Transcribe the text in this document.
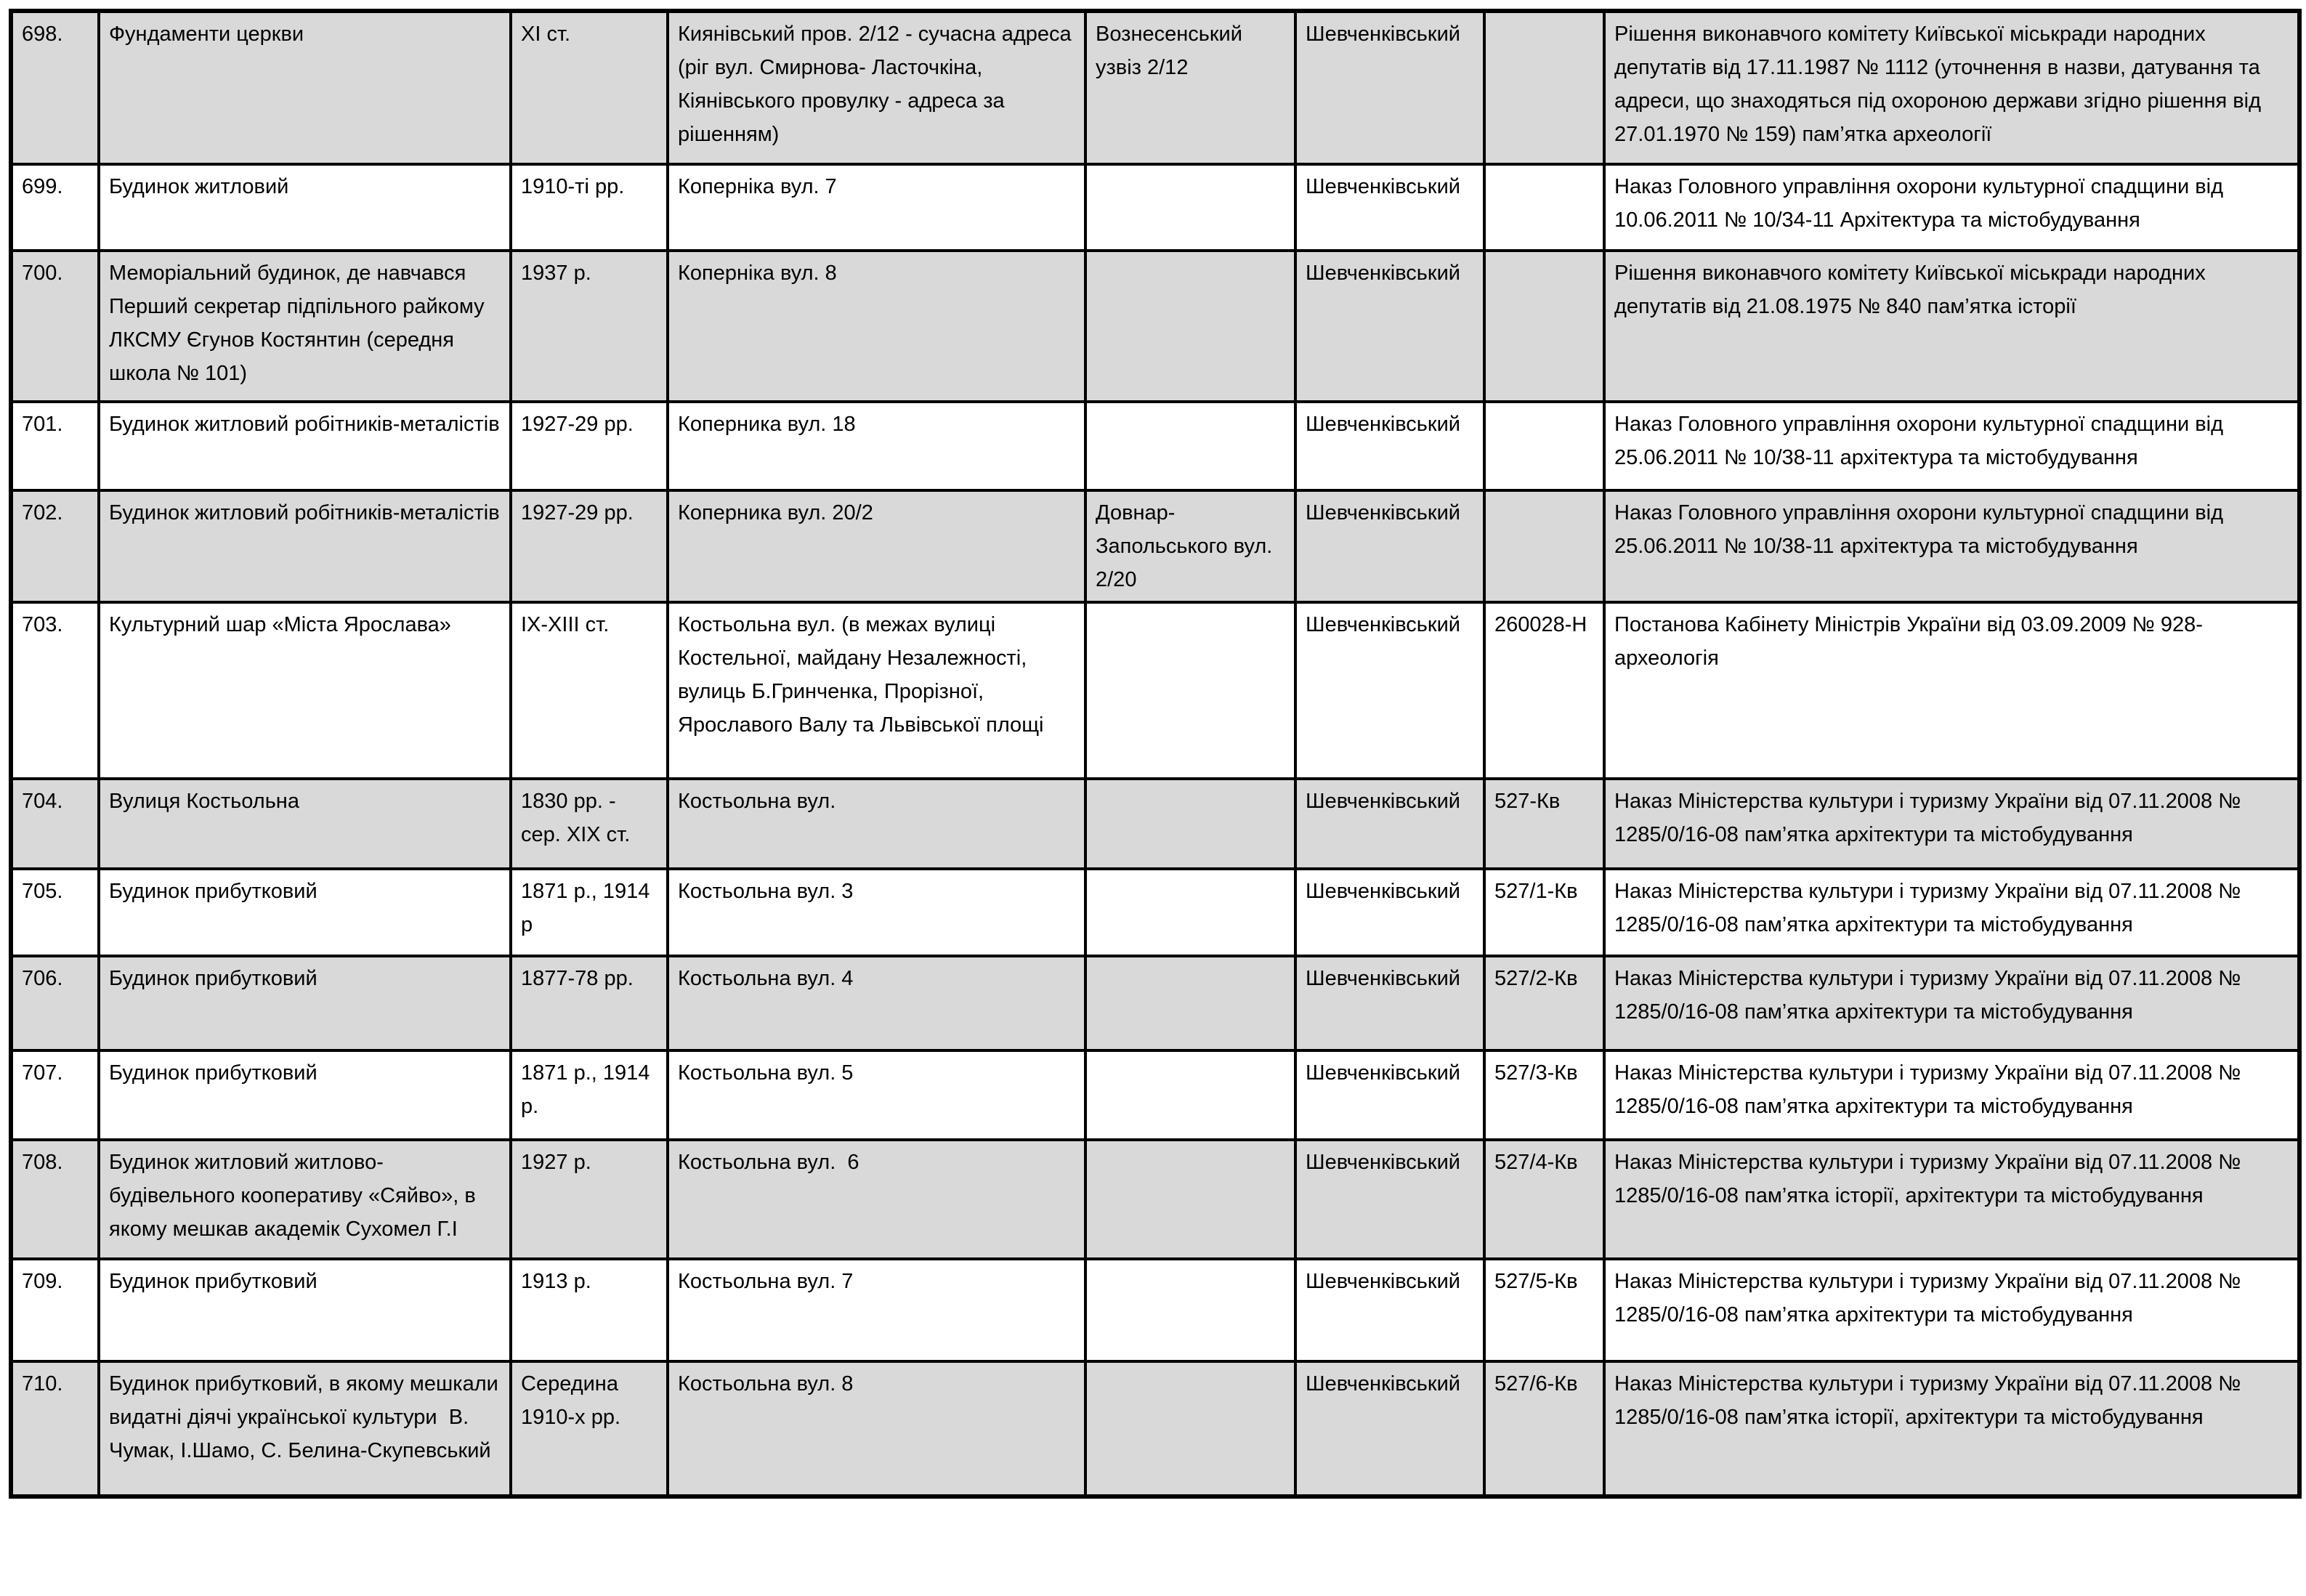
698.	Фундаменти церкви	XI ст.	Киянівський пров. 2/12 - сучасна адреса (ріг вул. Смирнова- Ласточкіна, Кіянівського провулку - адреса за рішенням)	Вознесенський узвіз 2/12	Шевченківський		Рішення виконавчого комітету Київської міськради народних депутатів від 17.11.1987 № 1112 (уточнення в назви, датування та адреси, що знаходяться під охороною держави згідно рішення від 27.01.1970 № 159) пам’ятка археології
699.	Будинок житловий	1910-ті рр.	Коперніка вул. 7		Шевченківський		Наказ Головного управління охорони культурної спадщини від 10.06.2011 № 10/34-11 Архітектура та містобудування
700.	Меморіальний будинок, де навчався Перший секретар підпільного райкому ЛКСМУ Єгунов Костянтин (середня школа № 101)	1937 р.	Коперніка вул. 8		Шевченківський		Рішення виконавчого комітету Київської міськради народних депутатів від 21.08.1975 № 840 пам’ятка історії
701.	Будинок житловий робітників-металістів	1927-29 рр.	Коперника вул. 18		Шевченківський		Наказ Головного управління охорони культурної спадщини від 25.06.2011 № 10/38-11 архітектура та містобудування
702.	Будинок житловий робітників-металістів	1927-29 рр.	Коперника вул. 20/2	Довнар-Запольського вул. 2/20	Шевченківський		Наказ Головного управління охорони культурної спадщини від 25.06.2011 № 10/38-11 архітектура та містобудування
703.	Культурний шар «Міста Ярослава»	IX-XIII ст.	Костьольна вул. (в межах вулиці Костельної, майдану Незалежності, вулиць Б.Гринченка, Прорізної, Ярославого Валу та Львівської площі		Шевченківський	260028-Н	Постанова Кабінету Міністрів України від 03.09.2009 № 928- археологія
704.	Вулиця Костьольна	1830 рр. - сер. XIX ст.	Костьольна вул.		Шевченківський	527-Кв	Наказ Міністерства культури і туризму України від 07.11.2008 № 1285/0/16-08 пам’ятка архітектури та містобудування
705.	Будинок прибутковий	1871 р., 1914 р	Костьольна вул. 3		Шевченківський	527/1-Кв	Наказ Міністерства культури і туризму України від 07.11.2008 № 1285/0/16-08 пам’ятка архітектури та містобудування
706.	Будинок прибутковий	1877-78 рр.	Костьольна вул. 4		Шевченківський	527/2-Кв	Наказ Міністерства культури і туризму України від 07.11.2008 № 1285/0/16-08 пам’ятка архітектури та містобудування
707.	Будинок прибутковий	1871 р., 1914 р.	Костьольна вул. 5		Шевченківський	527/3-Кв	Наказ Міністерства культури і туризму України від 07.11.2008 № 1285/0/16-08 пам’ятка архітектури та містобудування
708.	Будинок житловий житлово-будівельного кооперативу «Сяйво», в якому мешкав академік Сухомел Г.І	1927 р.	Костьольна вул.  6		Шевченківський	527/4-Кв	Наказ Міністерства культури і туризму України від 07.11.2008 № 1285/0/16-08 пам’ятка історії, архітектури та містобудування
709.	Будинок прибутковий	1913 р.	Костьольна вул. 7		Шевченківський	527/5-Кв	Наказ Міністерства культури і туризму України від 07.11.2008 № 1285/0/16-08 пам’ятка архітектури та містобудування
710.	Будинок прибутковий, в якому мешкали видатні діячі української культури  В. Чумак, І.Шамо, С. Белина-Скупевський	Середина 1910-х рр.	Костьольна вул. 8		Шевченківський	527/6-Кв	Наказ Міністерства культури і туризму України від 07.11.2008 № 1285/0/16-08 пам’ятка історії, архітектури та містобудування
